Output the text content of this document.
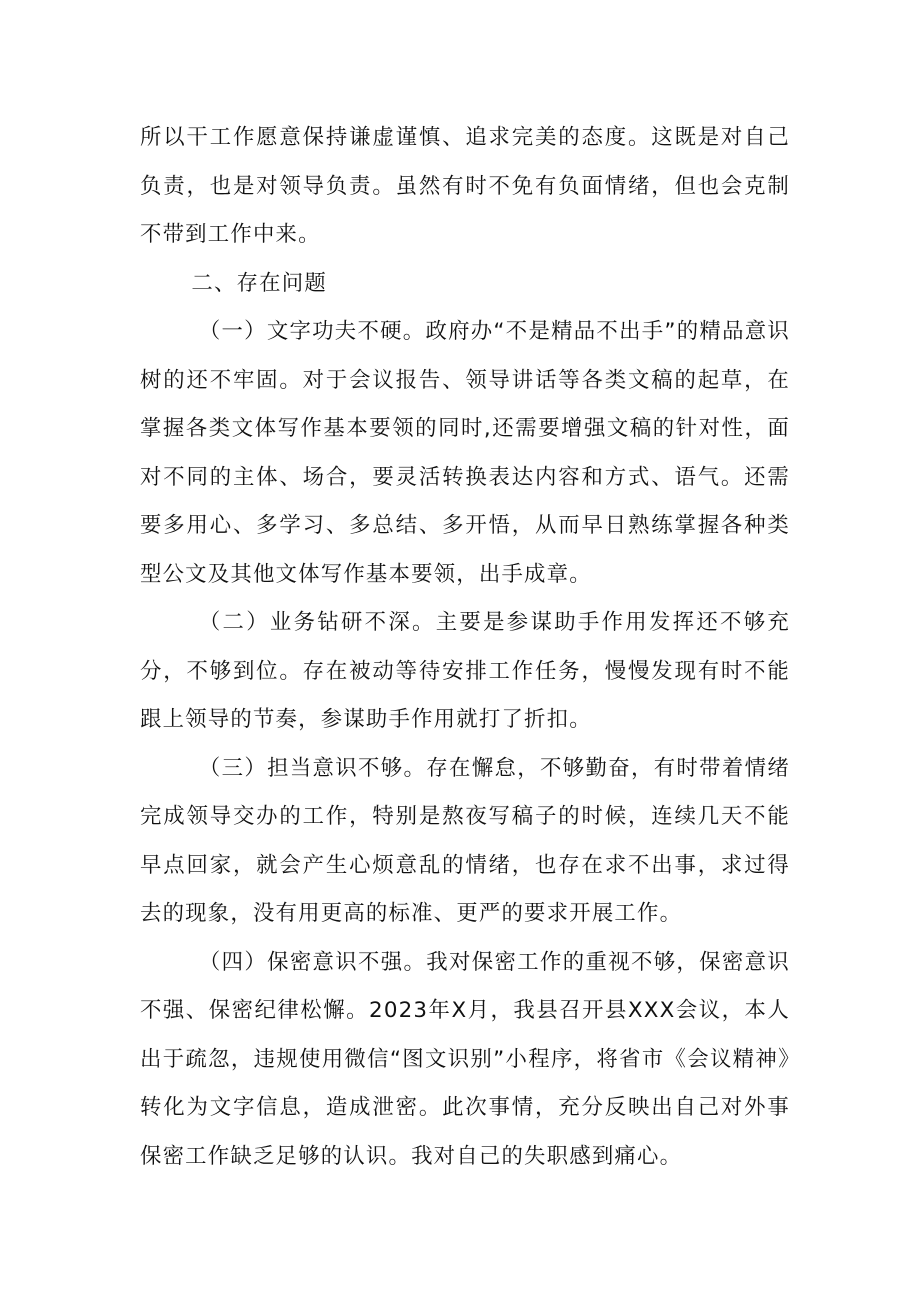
所以干工作愿意保持谦虚谨慎、追求完美的态度。这既是对自己负责，也是对领导负责。虽然有时不免有负面情绪，但也会克制不带到工作中来。

二、存在问题

（一）文字功夫不硬。政府办“不是精品不出手”的精品意识树的还不牢固。对于会议报告、领导讲话等各类文稿的起草，在掌握各类文体写作基本要领的同时,还需要增强文稿的针对性，面对不同的主体、场合，要灵活转换表达内容和方式、语气。还需要多用心、多学习、多总结、多开悟，从而早日熟练掌握各种类型公文及其他文体写作基本要领，出手成章。

（二）业务钻研不深。主要是参谋助手作用发挥还不够充分，不够到位。存在被动等待安排工作任务，慢慢发现有时不能跟上领导的节奏，参谋助手作用就打了折扣。

（三）担当意识不够。存在懈怠，不够勤奋，有时带着情绪完成领导交办的工作，特别是熬夜写稿子的时候，连续几天不能早点回家，就会产生心烦意乱的情绪，也存在求不出事，求过得去的现象，没有用更高的标准、更严的要求开展工作。

（四）保密意识不强。我对保密工作的重视不够，保密意识不强、保密纪律松懈。2023年X月，我县召开县XXX会议，本人出于疏忽，违规使用微信“图文识别”小程序，将省市《会议精神》转化为文字信息，造成泄密。此次事情，充分反映出自己对外事保密工作缺乏足够的认识。我对自己的失职感到痛心。
